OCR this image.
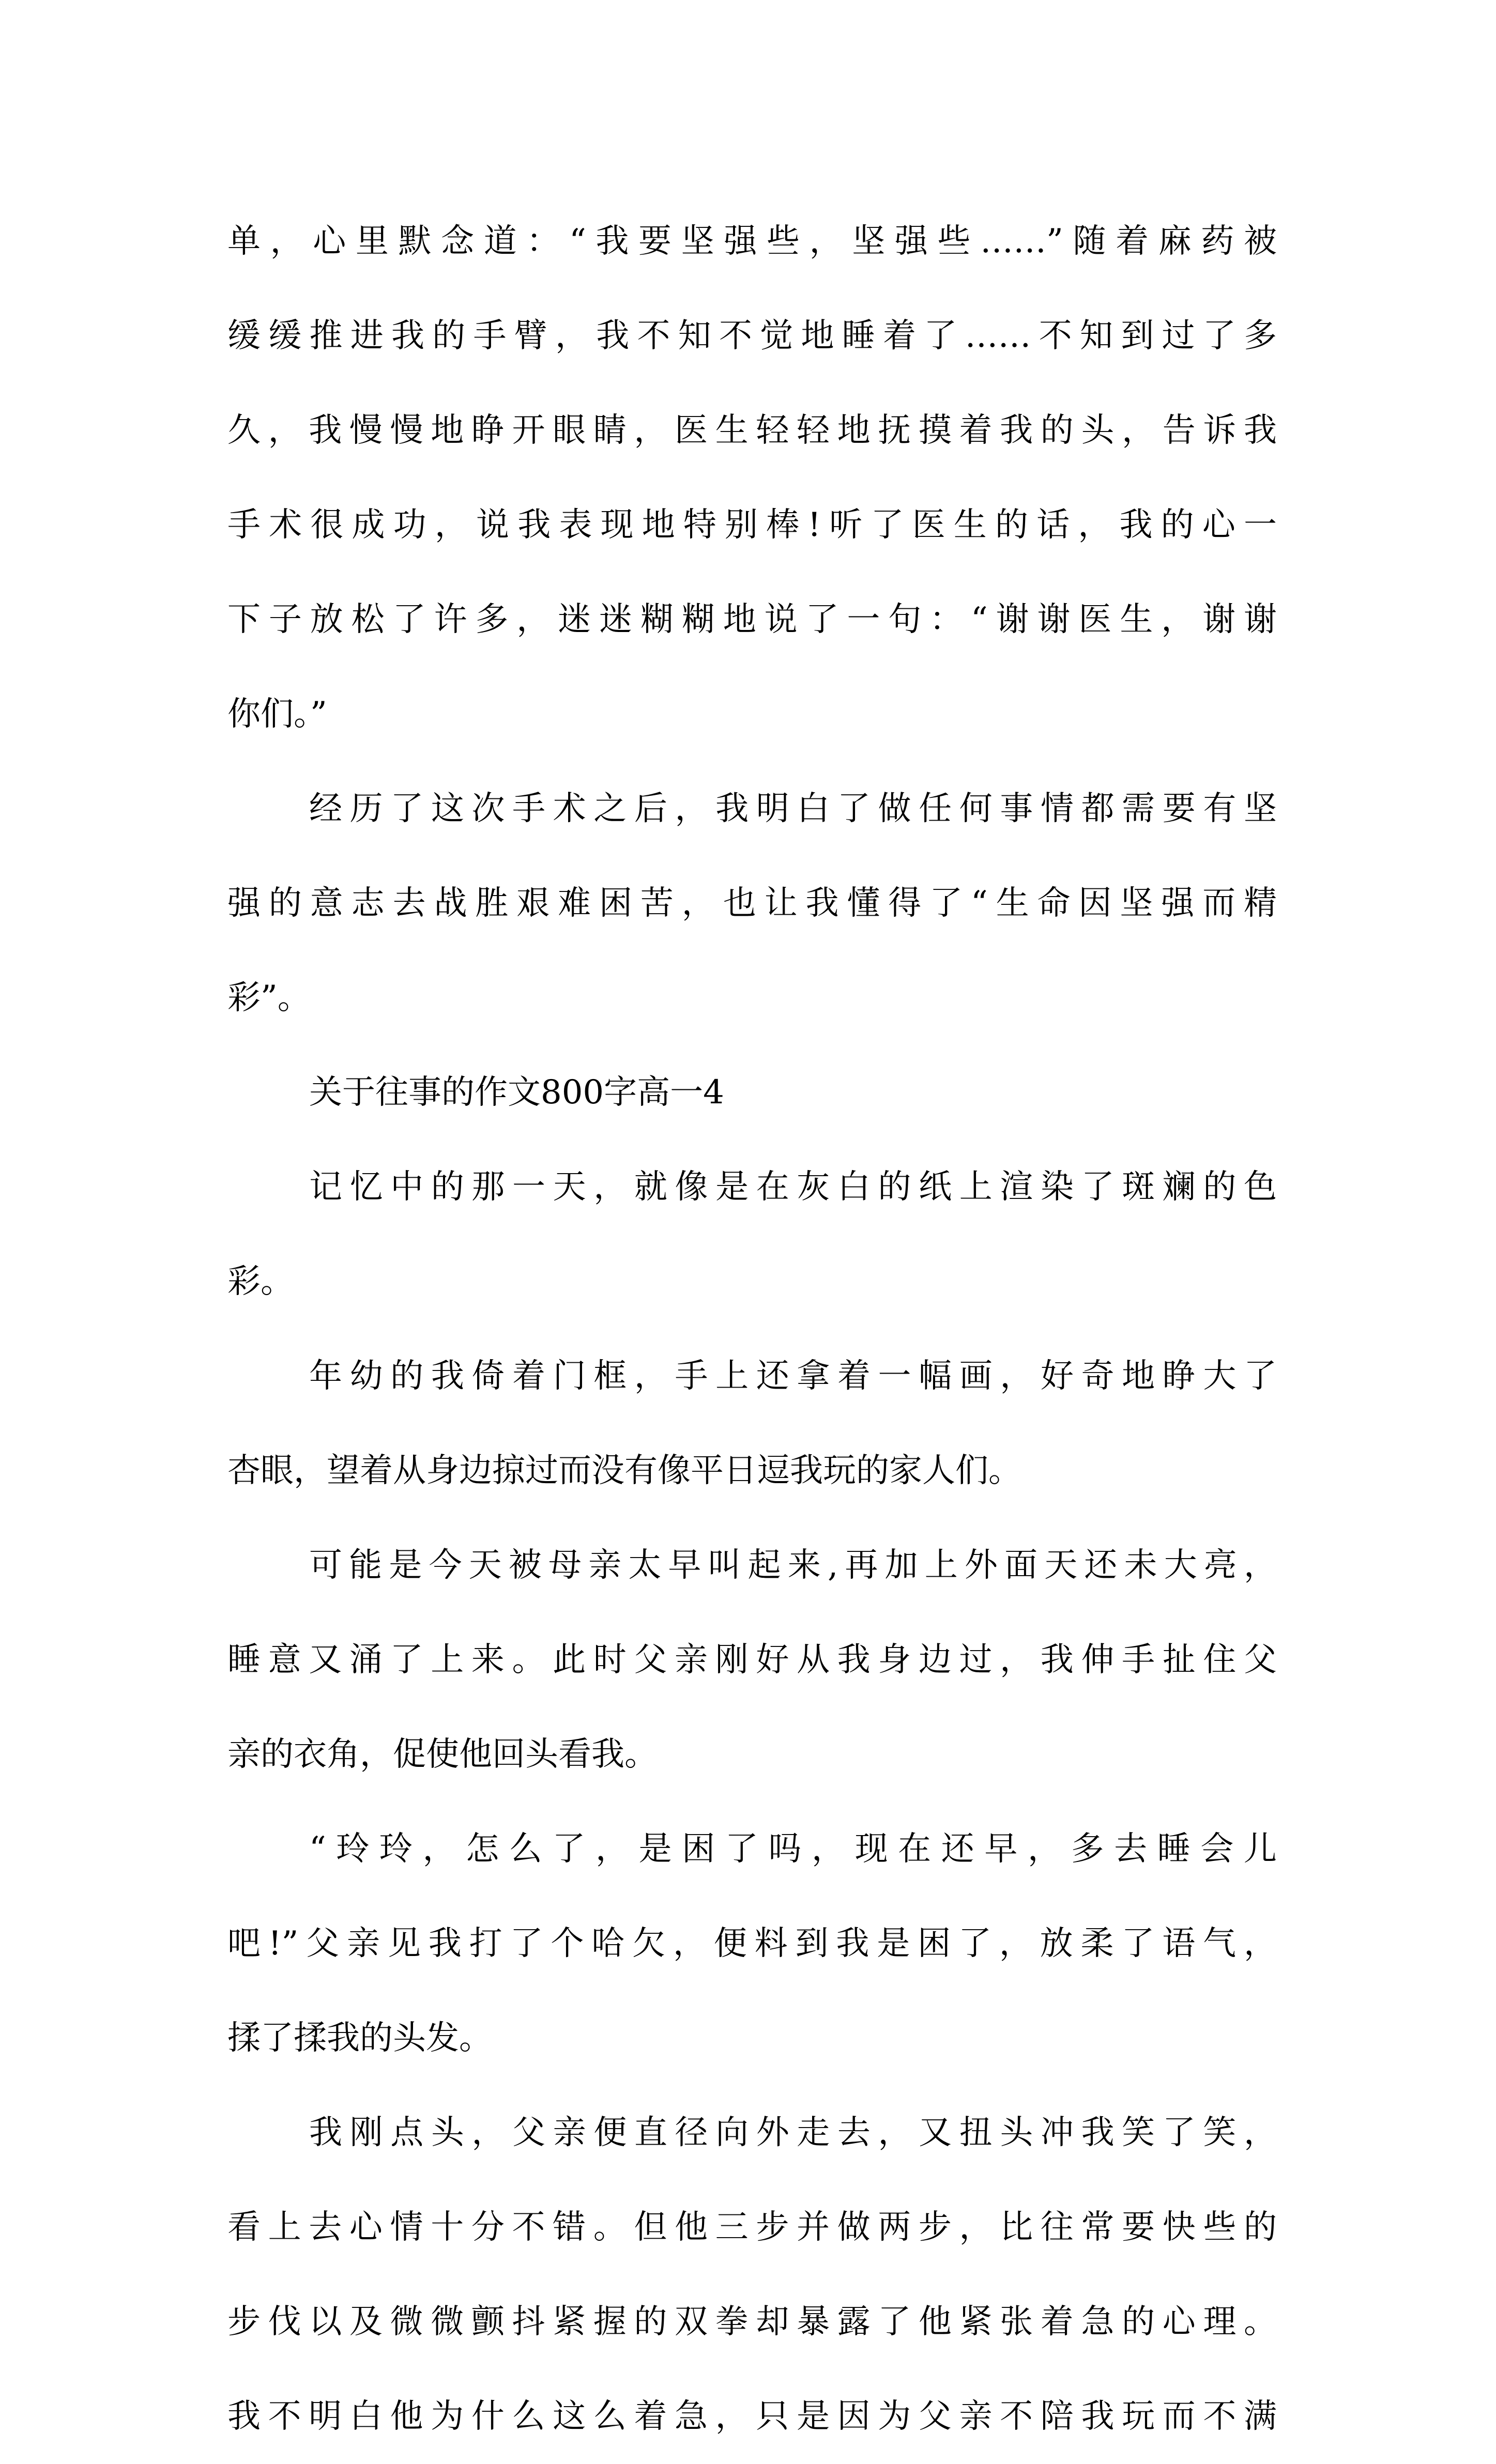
单，心里默念道：“我要坚强些，坚强些……”随着麻药被
缓缓推进我的手臂，我不知不觉地睡着了……不知到过了多
久，我慢慢地睁开眼睛，医生轻轻地抚摸着我的头，告诉我
手术很成功，说我表现地特别棒!听了医生的话，我的心一
下子放松了许多，迷迷糊糊地说了一句：“谢谢医生，谢谢
你们。”
经历了这次手术之后，我明白了做任何事情都需要有坚
强的意志去战胜艰难困苦，也让我懂得了“生命因坚强而精
彩”。
关于往事的作文800字高一4
记忆中的那一天，就像是在灰白的纸上渲染了斑斓的色
彩。
年幼的我倚着门框，手上还拿着一幅画，好奇地睁大了
杏眼，望着从身边掠过而没有像平日逗我玩的家人们。
可能是今天被母亲太早叫起来,再加上外面天还未大亮，
睡意又涌了上来。此时父亲刚好从我身边过，我伸手扯住父
亲的衣角，促使他回头看我。
“玲玲，怎么了，是困了吗，现在还早，多去睡会儿
吧!”父亲见我打了个哈欠，便料到我是困了，放柔了语气，
揉了揉我的头发。
我刚点头，父亲便直径向外走去，又扭头冲我笑了笑，
看上去心情十分不错。但他三步并做两步，比往常要快些的
步伐以及微微颤抖紧握的双拳却暴露了他紧张着急的心理。
我不明白他为什么这么着急，只是因为父亲不陪我玩而不满
